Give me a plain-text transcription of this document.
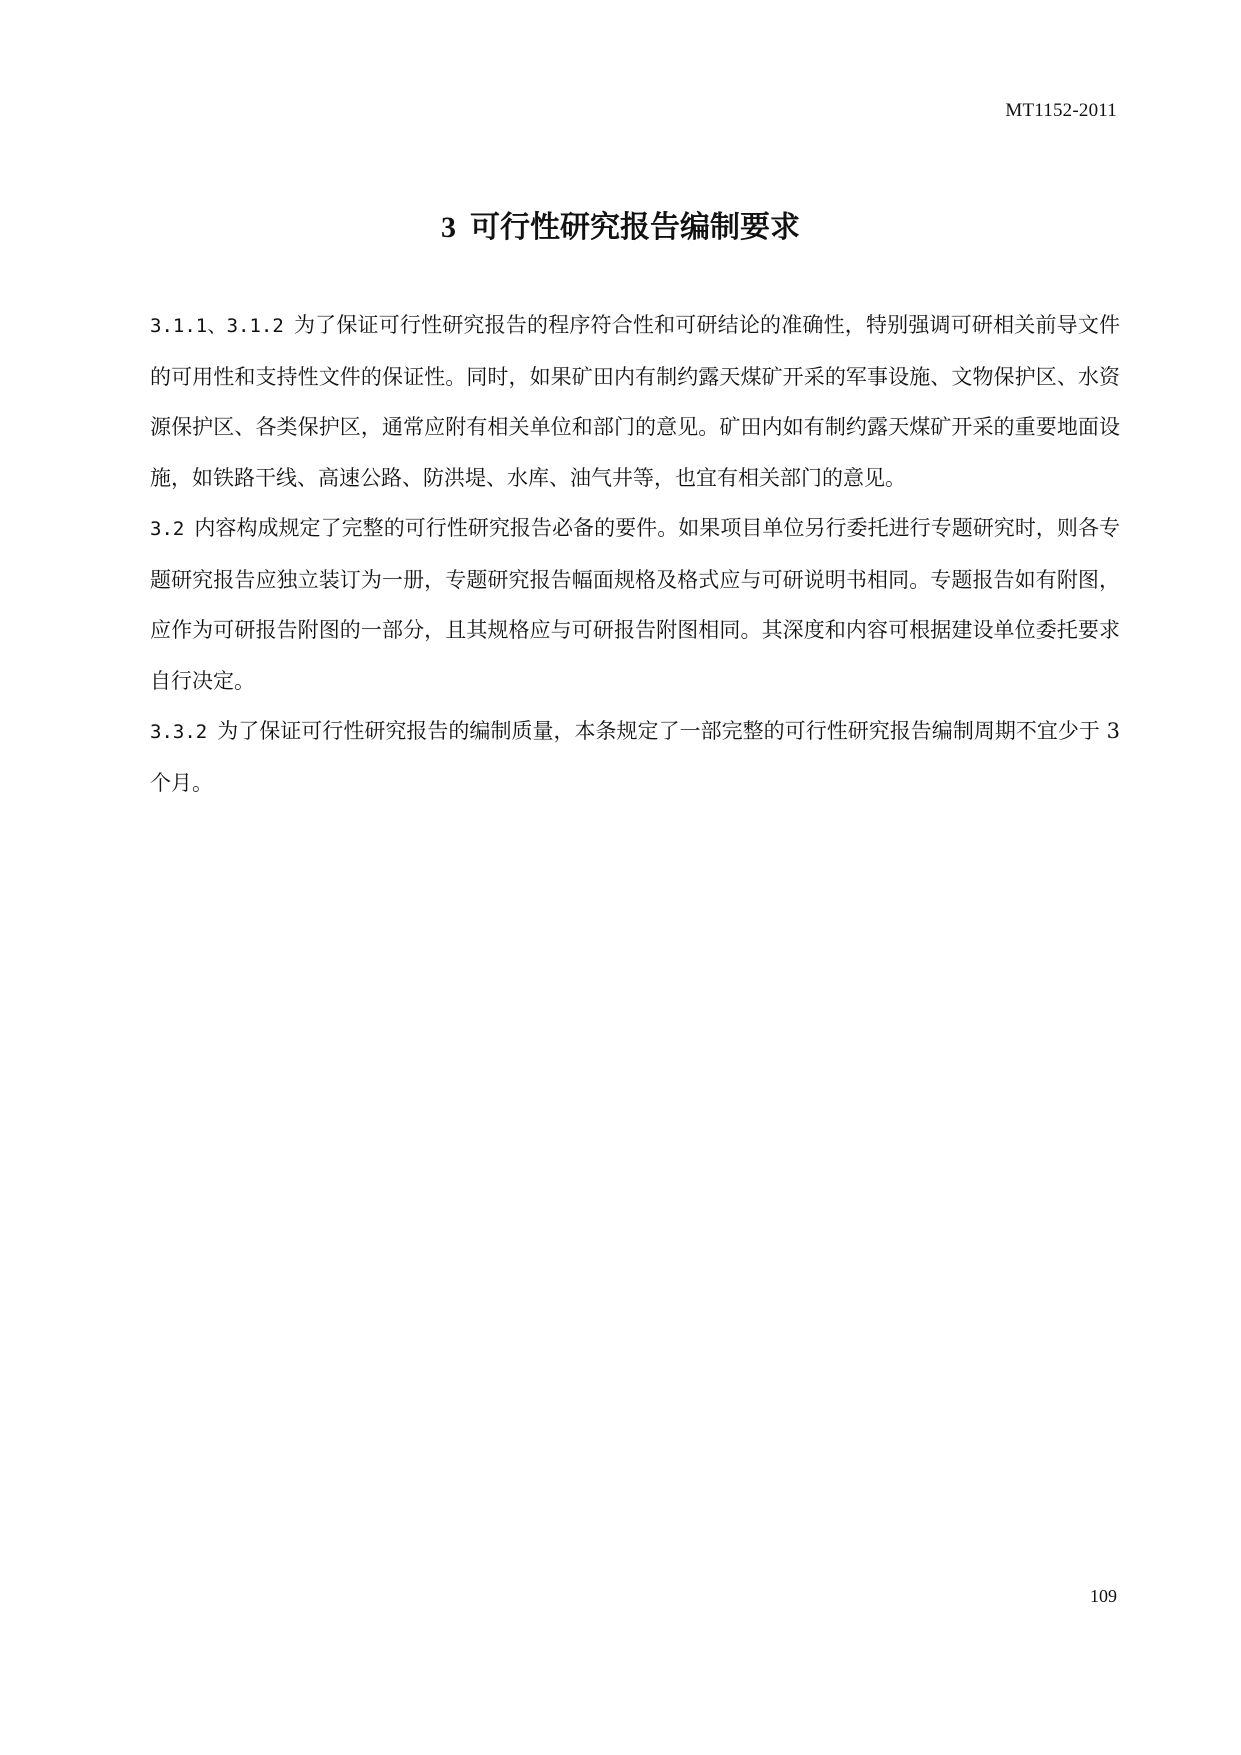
MT1152-2011
3 可行性研究报告编制要求

3.1.1、3.1.2 为了保证可行性研究报告的程序符合性和可研结论的准确性，特别强调可研相关前导文件的可用性和支持性文件的保证性。同时，如果矿田内有制约露天煤矿开采的军事设施、文物保护区、水资源保护区、各类保护区，通常应附有相关单位和部门的意见。矿田内如有制约露天煤矿开采的重要地面设施，如铁路干线、高速公路、防洪堤、水库、油气井等，也宜有相关部门的意见。

3.2 内容构成规定了完整的可行性研究报告必备的要件。如果项目单位另行委托进行专题研究时，则各专题研究报告应独立装订为一册，专题研究报告幅面规格及格式应与可研说明书相同。专题报告如有附图，应作为可研报告附图的一部分，且其规格应与可研报告附图相同。其深度和内容可根据建设单位委托要求自行决定。

3.3.2 为了保证可行性研究报告的编制质量，本条规定了一部完整的可行性研究报告编制周期不宜少于 3 个月。

109
